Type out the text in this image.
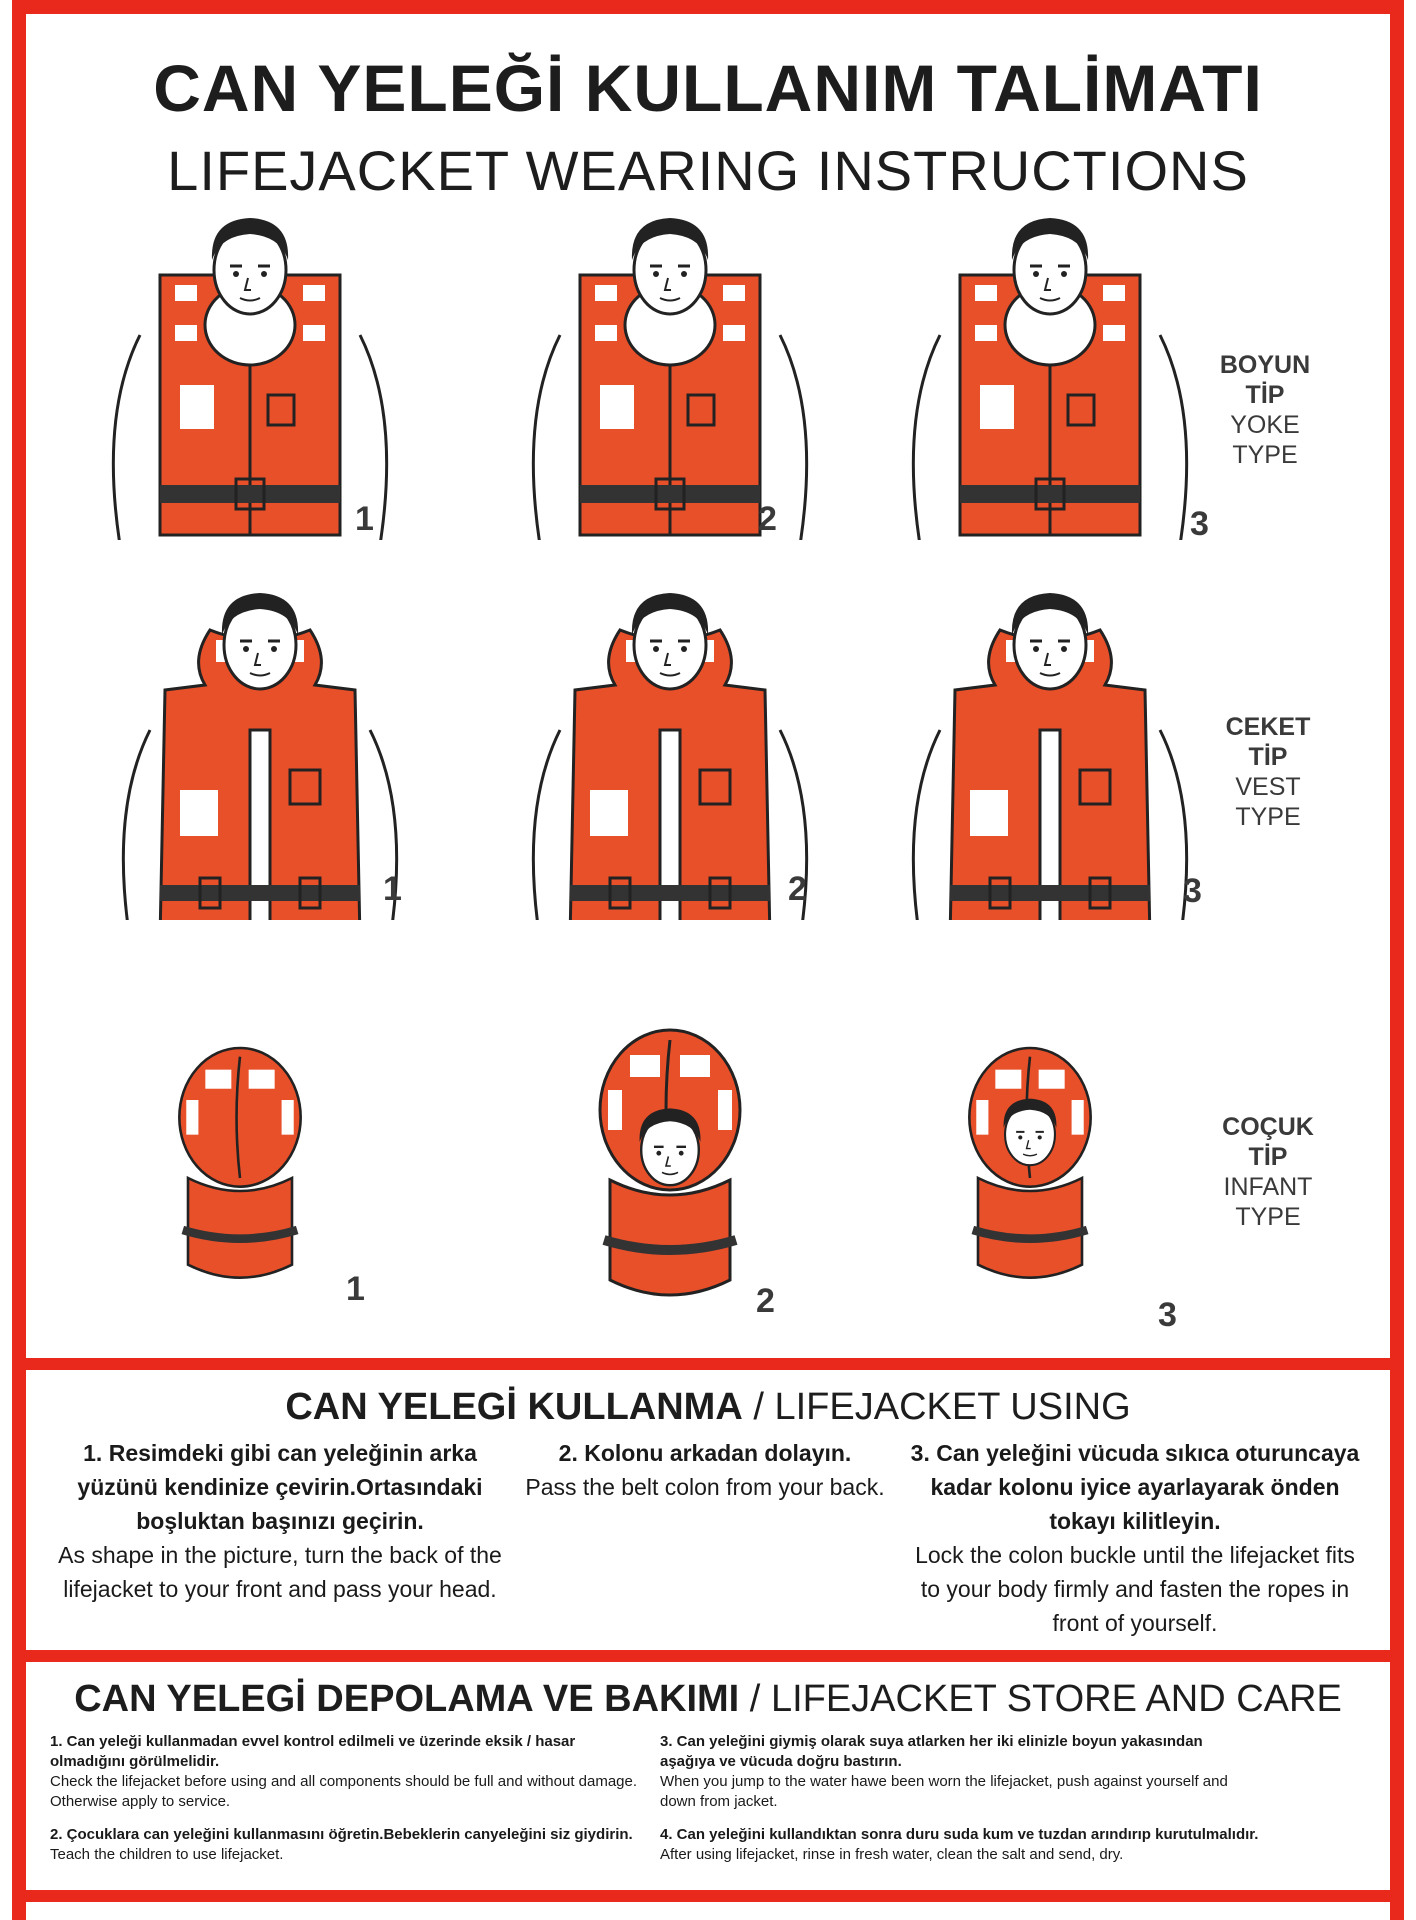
CAN YELEĞİ KULLANIM TALİMATI
LIFEJACKET WEARING INSTRUCTIONS
1	2	3
BOYUN
TİP
YOKE
TYPE
1	2	3
CEKET
TİP
VEST
TYPE
1	2	3
COÇUK
TİP
INFANT
TYPE
CAN YELEGİ KULLANMA / LIFEJACKET USING
1. Resimdeki gibi can yeleğinin arka yüzünü kendinize çevirin.Ortasındaki boşluktan başınızı geçirin.
As shape in the picture, turn the back of the lifejacket to your front and pass your head.
2. Kolonu arkadan dolayın.
Pass the belt colon from your back.
3. Can yeleğini vücuda sıkıca oturuncaya kadar kolonu iyice ayarlayarak önden tokayı kilitleyin.
Lock the colon buckle until the lifejacket fits to your body firmly and fasten the ropes in front of yourself.
CAN YELEGİ DEPOLAMA VE BAKIMI / LIFEJACKET STORE AND CARE
1. Can yeleği kullanmadan evvel kontrol edilmeli ve üzerinde eksik / hasar olmadığını görülmelidir.
Check the lifejacket before using and all components should be full and without damage. Otherwise apply to service.
2. Çocuklara can yeleğini kullanmasını öğretin.Bebeklerin canyeleğini siz giydirin. Teach the children to use lifejacket.
3. Can yeleğini giymiş olarak suya atlarken her iki elinizle boyun yakasından aşağıya ve vücuda doğru bastırın.
When you jump to the water hawe been worn the lifejacket, push against yourself and down from jacket.
4. Can yeleğini kullandıktan sonra duru suda kum ve tuzdan arındırıp kurutulmalıdır.
After using lifejacket, rinse in fresh water, clean the salt and send, dry.
